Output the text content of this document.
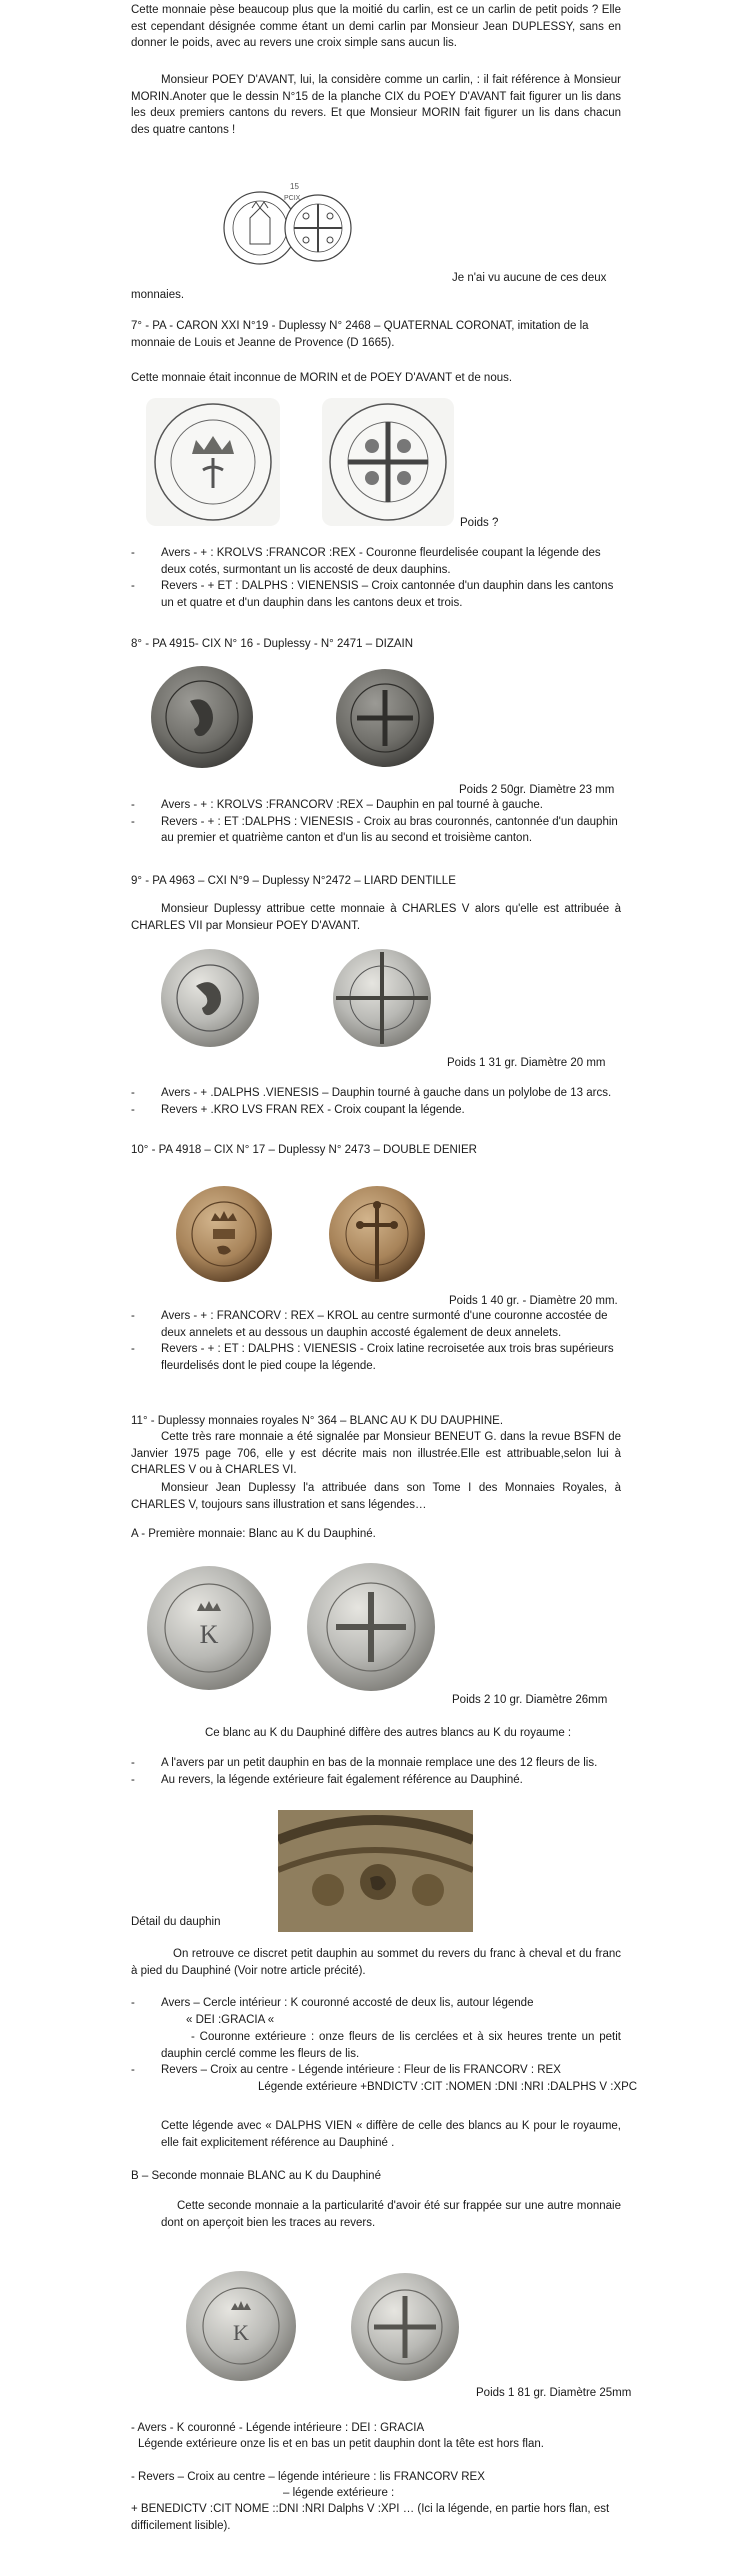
Cette monnaie pèse beaucoup plus que la moitié du carlin, est ce un carlin de petit poids ? Elle est cependant désignée comme étant un demi carlin par Monsieur Jean DUPLESSY, sans en donner le poids, avec au revers une croix simple sans aucun lis.

Monsieur POEY D'AVANT, lui, la considère comme un carlin, : il fait référence à Monsieur MORIN.Anoter que le dessin N°15 de la planche CIX du POEY D'AVANT fait figurer un lis dans les deux premiers cantons du revers. Et que Monsieur MORIN fait figurer un lis dans chacun des quatre cantons !

15
PCIX

Je n'ai vu aucune de ces deux

monnaies.

7° - PA - CARON XXI N°19 - Duplessy N° 2468 – QUATERNAL CORONAT, imitation de la monnaie de Louis et Jeanne de Provence (D 1665).

Cette monnaie était inconnue de MORIN et de POEY D'AVANT et de nous.

Poids ?

- Avers - + : KROLVS :FRANCOR :REX - Couronne fleurdelisée coupant la légende des deux cotés, surmontant un lis accosté de deux dauphins.
- Revers - + ET : DALPHS : VIENENSIS – Croix cantonnée d'un dauphin dans les cantons un et quatre et d'un dauphin dans les cantons deux et trois.

8° - PA 4915- CIX N° 16 - Duplessy - N° 2471 – DIZAIN

Poids 2 50gr. Diamètre 23 mm

- Avers - + : KROLVS :FRANCORV :REX – Dauphin en pal tourné à gauche.
- Revers - + : ET :DALPHS : VIENESIS - Croix au bras couronnés, cantonnée d'un dauphin au premier et quatrième canton et d'un lis au second et troisième canton.

9° - PA 4963 – CXI N°9 – Duplessy N°2472 – LIARD DENTILLE

Monsieur Duplessy attribue cette monnaie à CHARLES V alors qu'elle est attribuée à CHARLES VII par Monsieur POEY D'AVANT.

Poids 1 31 gr. Diamètre 20 mm

- Avers - + .DALPHS .VIENESIS – Dauphin tourné à gauche dans un polylobe de 13 arcs.
- Revers + .KRO LVS FRAN REX - Croix coupant la légende.

10° - PA 4918 – CIX N° 17 – Duplessy N° 2473 – DOUBLE DENIER

Poids 1 40 gr. - Diamètre 20 mm.

- Avers - + : FRANCORV : REX – KROL au centre surmonté d'une couronne accostée de deux annelets et au dessous un dauphin accosté également de deux annelets.
- Revers - + : ET : DALPHS : VIENESIS - Croix latine recroisetée aux trois bras supérieurs fleurdelisés dont le pied coupe la légende.

11° - Duplessy monnaies royales N° 364 – BLANC AU K DU DAUPHINE.

Cette très rare monnaie a été signalée par Monsieur BENEUT G. dans la revue BSFN de Janvier 1975 page 706, elle y est décrite mais non illustrée.Elle est attribuable,selon lui à CHARLES V ou à CHARLES VI.

Monsieur Jean Duplessy l'a attribuée dans son Tome I des Monnaies Royales, à CHARLES V, toujours sans illustration et sans légendes…

A - Première monnaie: Blanc au K du Dauphiné.

K

Poids 2 10 gr. Diamètre 26mm

Ce blanc au K du Dauphiné diffère des autres blancs au K du royaume :

- A l'avers par un petit dauphin en bas de la monnaie remplace une des 12 fleurs de lis.
- Au revers, la légende extérieure fait également référence au Dauphiné.

Détail du dauphin

On retrouve ce discret petit dauphin au sommet du revers du franc à cheval et du franc à pied du Dauphiné (Voir notre article précité).

- Avers – Cercle intérieur : K couronné accosté de deux lis, autour légende

« DEI :GRACIA «

- Couronne extérieure : onze fleurs de lis cerclées et à six heures trente un petit dauphin cerclé comme les fleurs de lis.

- Revers – Croix au centre - Légende intérieure : Fleur de lis FRANCORV : REX

Légende extérieure +BNDICTV :CIT :NOMEN :DNI :NRI :DALPHS V :XPC

Cette légende avec « DALPHS VIEN « diffère de celle des blancs au K pour le royaume, elle fait explicitement référence au Dauphiné .

B – Seconde monnaie BLANC au K du Dauphiné

Cette seconde monnaie a la particularité d'avoir été sur frappée sur une autre monnaie dont on aperçoit bien les traces au revers.

K

Poids 1 81 gr. Diamètre 25mm

- Avers - K couronné - Légende intérieure : DEI : GRACIA

Légende extérieure onze lis et en bas un petit dauphin dont la tête est hors flan.

- Revers – Croix au centre – légende intérieure : lis FRANCORV REX

– légende extérieure :

+ BENEDICTV :CIT NOME ::DNI :NRI Dalphs V :XPI … (Ici la légende, en partie hors flan, est difficilement lisible).
